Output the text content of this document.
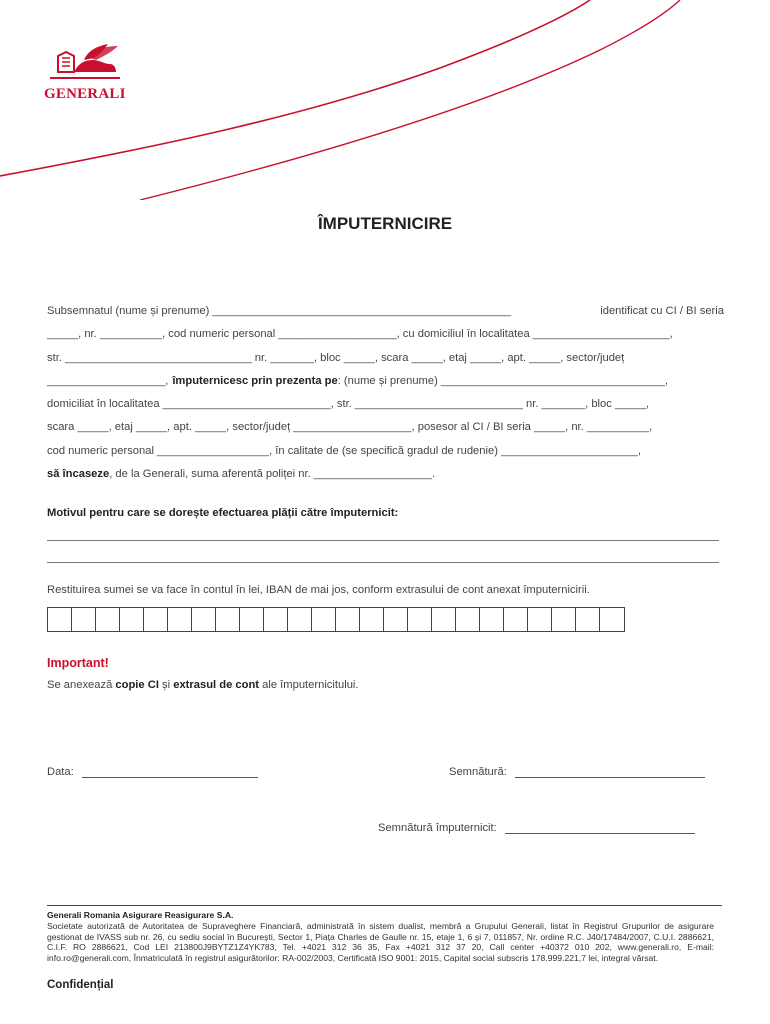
GENERALI
ÎMPUTERNICIRE
Subsemnatul (nume și prenume) ________________________________________________	identificat cu CI / BI seria
_____, nr. __________, cod numeric personal ___________________, cu domiciliul în localitatea ______________________,
str. ______________________________ nr. _______, bloc _____, scara _____, etaj _____, apt. _____, sector/județ
___________________, împuternicesc prin prezenta pe : (nume și prenume) ____________________________________,
domiciliat în localitatea ___________________________, str. ___________________________ nr. _______, bloc _____,
scara _____, etaj _____, apt. _____, sector/județ ___________________, posesor al CI / BI seria _____, nr. __________,
cod numeric personal __________________, în calitate de (se specifică gradul de rudenie) ______________________,
să încaseze , de la Generali, suma aferentă poliței nr. ___________________.
Motivul pentru care se dorește efectuarea plății către împuternicit:
Restituirea sumei se va face în contul în lei, IBAN de mai jos, conform extrasului de cont anexat împuternicirii.
Important!
Se anexează copie CI și extrasul de cont ale împuternicitului.
Data:	Semnătură:
Semnătură împuternicit:
Generali Romania Asigurare Reasigurare S.A.
Societate autorizată de Autoritatea de Supraveghere Financiară, administrată în sistem dualist, membră a Grupului Generali, listat în Registrul Grupurilor de asigurare gestionat de IVASS sub nr. 26, cu sediu social în București, Sector 1, Piața Charles de Gaulle nr. 15, etaje 1, 6 și 7, 011857, Nr. ordine R.C. J40/17484/2007, C.U.I. 2886621, C.I.F. RO 2886621, Cod LEI 213800J9BYTZ1Z4YK783, Tel. +4021 312 36 35, Fax +4021 312 37 20, Call center +40372 010 202, www.generali.ro, E-mail: info.ro@generali.com, Înmatriculată în registrul asigurătorilor: RA-002/2003, Certificată ISO 9001: 2015, Capital social subscris 178.999.221,7 lei, integral vărsat.
Confidențial
